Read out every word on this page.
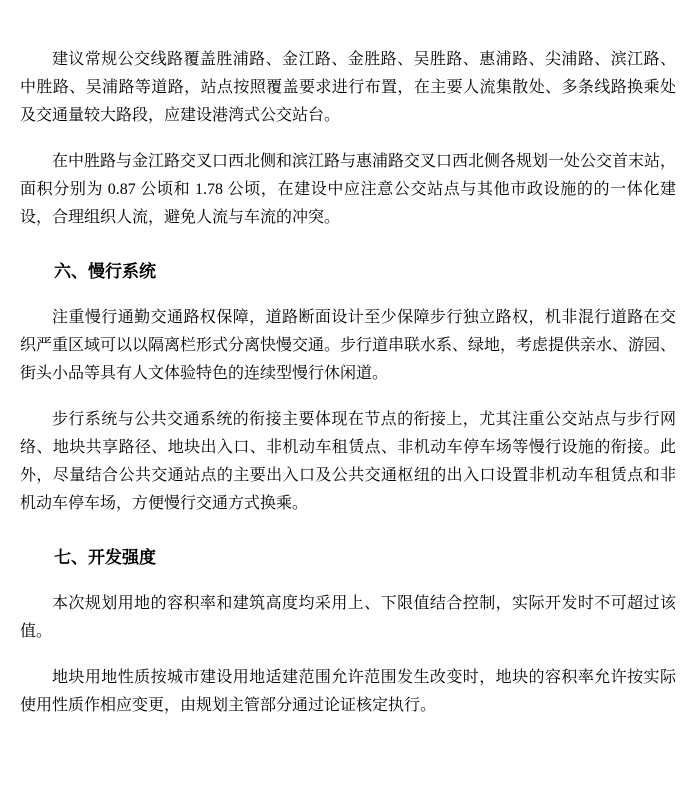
建议常规公交线路覆盖胜浦路、金江路、金胜路、吴胜路、惠浦路、尖浦路、滨江路、
中胜路、吴浦路等道路，站点按照覆盖要求进行布置，在主要人流集散处、多条线路换乘处
及交通量较大路段，应建设港湾式公交站台。
在中胜路与金江路交叉口西北侧和滨江路与惠浦路交叉口西北侧各规划一处公交首末站，
面积分别为 0.87 公顷和 1.78 公顷，在建设中应注意公交站点与其他市政设施的的一体化建
设，合理组织人流，避免人流与车流的冲突。
六、慢行系统
注重慢行通勤交通路权保障，道路断面设计至少保障步行独立路权，机非混行道路在交
织严重区域可以以隔离栏形式分离快慢交通。步行道串联水系、绿地，考虑提供亲水、游园、
街头小品等具有人文体验特色的连续型慢行休闲道。
步行系统与公共交通系统的衔接主要体现在节点的衔接上，尤其注重公交站点与步行网
络、地块共享路径、地块出入口、非机动车租赁点、非机动车停车场等慢行设施的衔接。此
外，尽量结合公共交通站点的主要出入口及公共交通枢纽的出入口设置非机动车租赁点和非
机动车停车场，方便慢行交通方式换乘。
七、开发强度
本次规划用地的容积率和建筑高度均采用上、下限值结合控制，实际开发时不可超过该
值。
地块用地性质按城市建设用地适建范围允许范围发生改变时，地块的容积率允许按实际
使用性质作相应变更，由规划主管部分通过论证核定执行。
